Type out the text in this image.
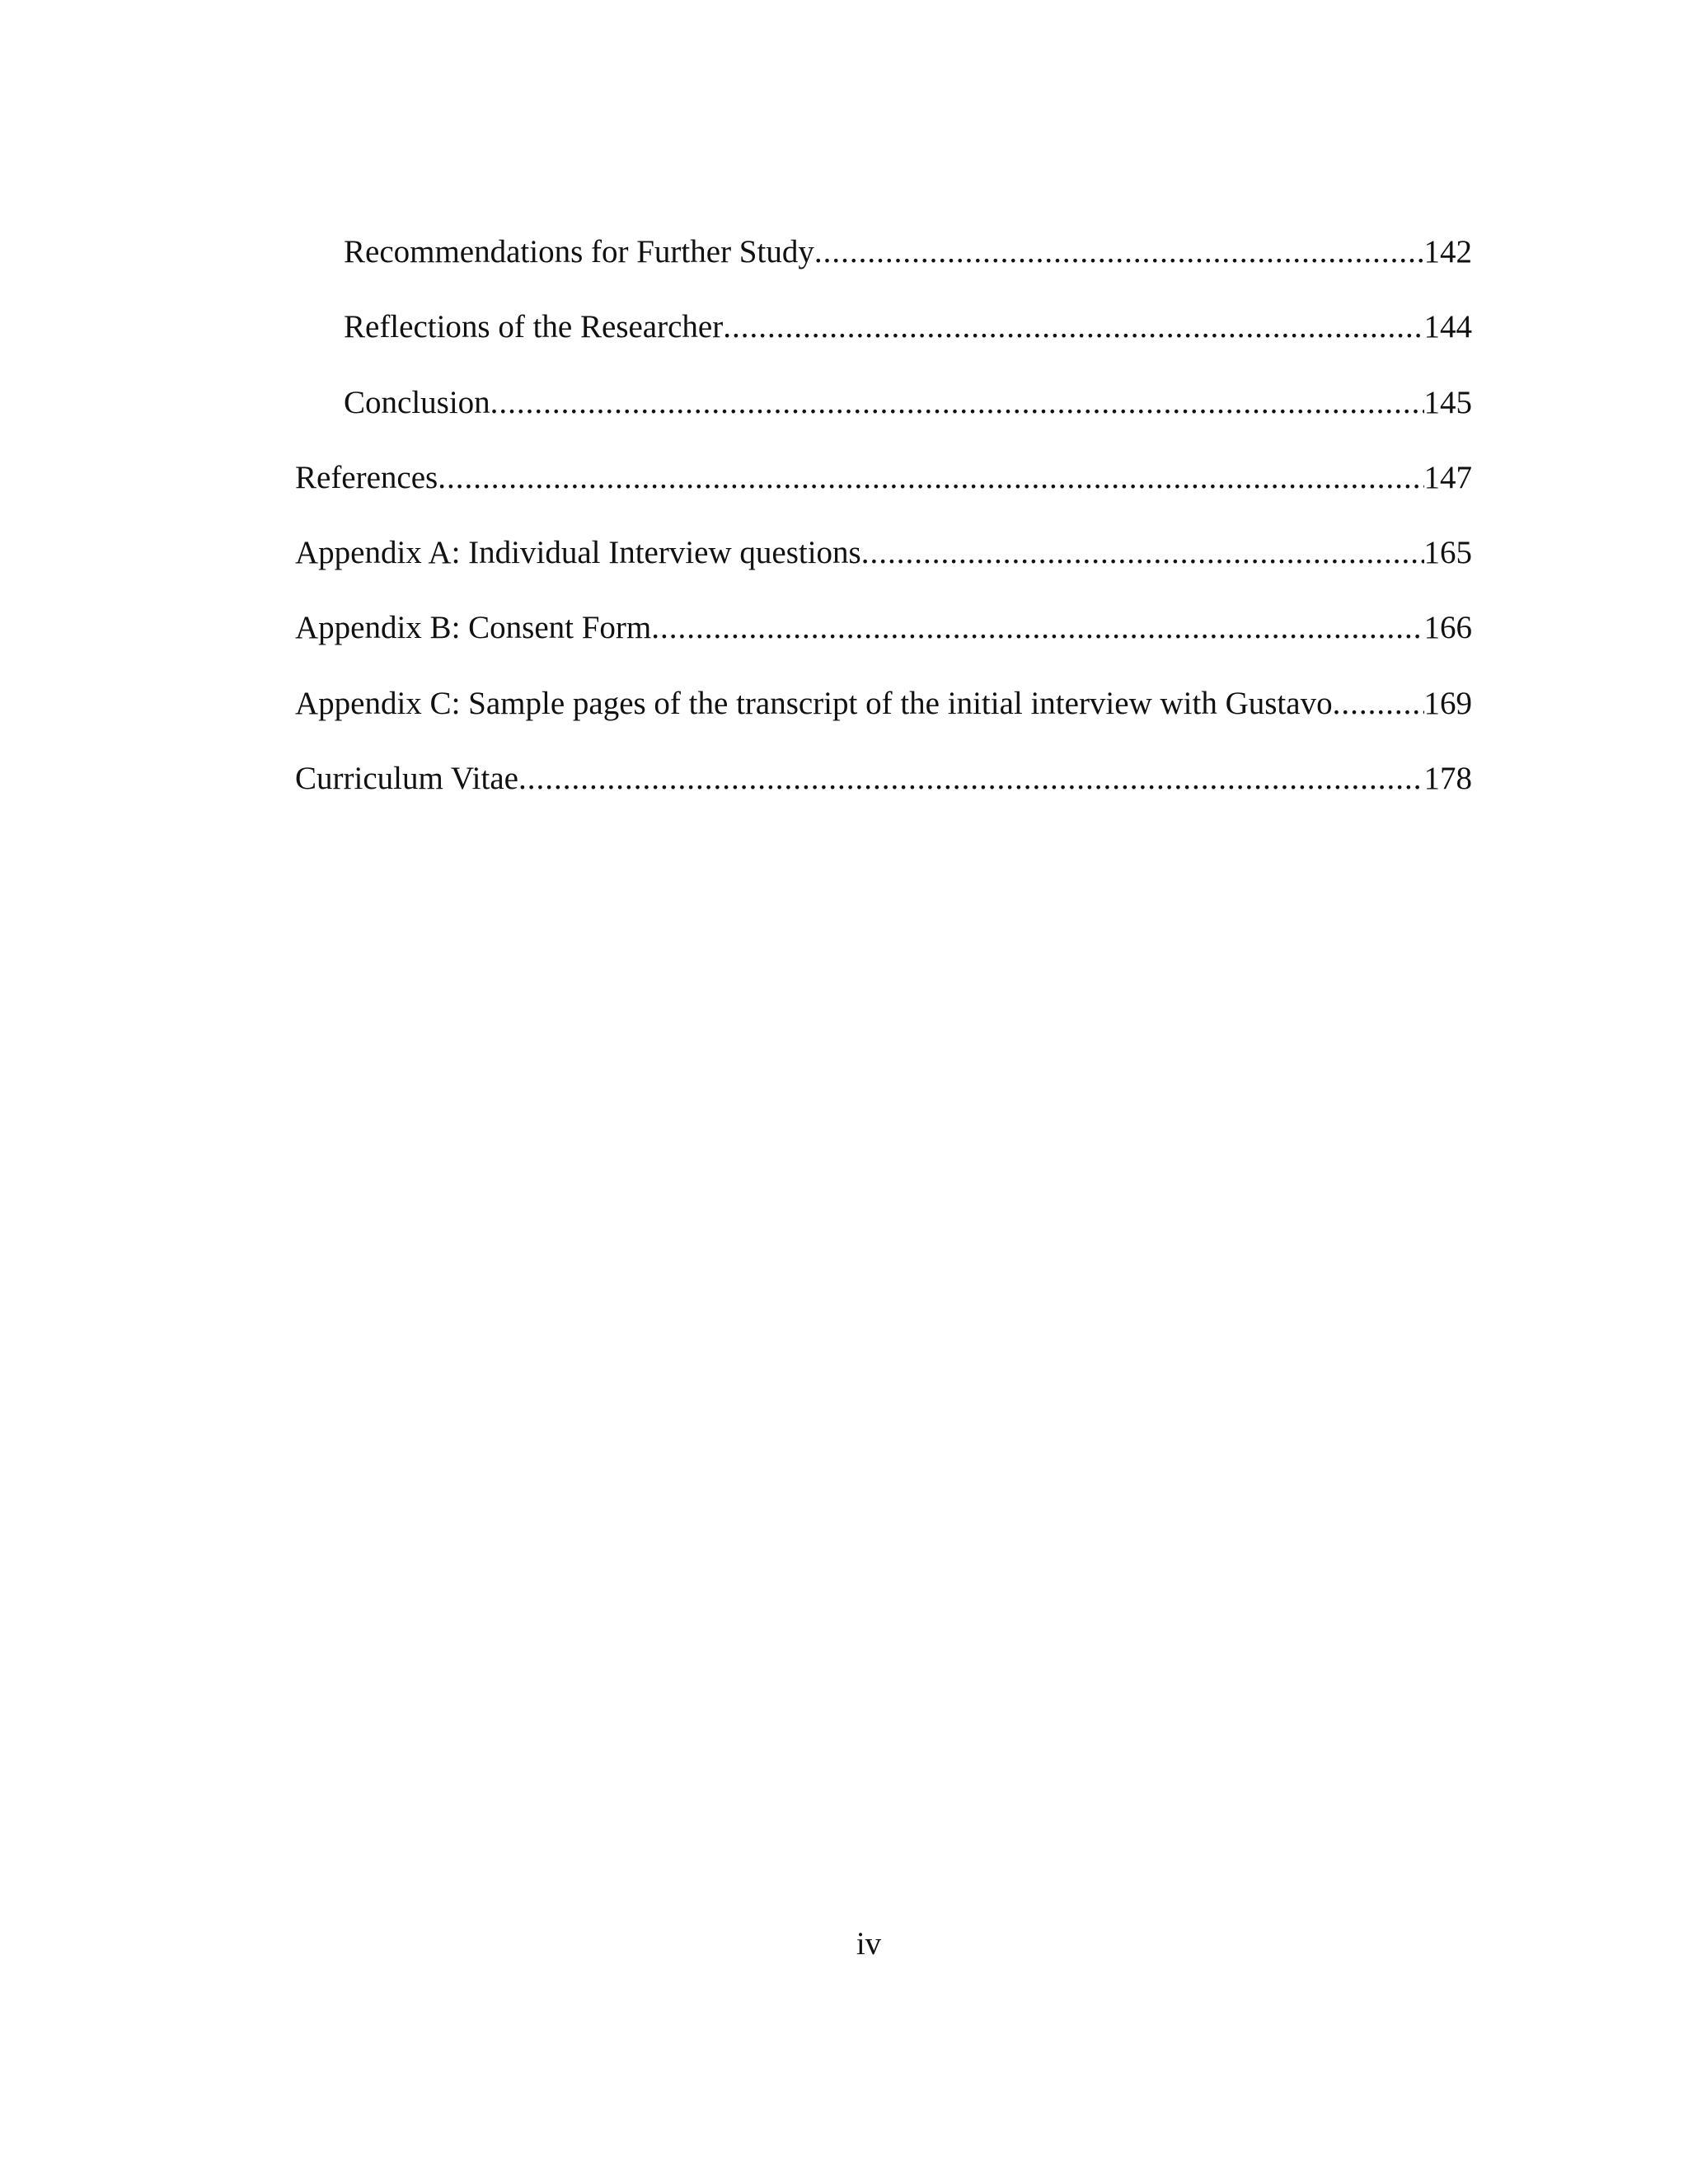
Recommendations for Further Study .....	142
Reflections of the Researcher .....	144
Conclusion .....	145
References .....	147
Appendix A: Individual Interview questions .....	165
Appendix B: Consent Form .....	166
Appendix C: Sample pages of the transcript of the initial interview with Gustavo .....	169
Curriculum Vitae .....	178
iv
